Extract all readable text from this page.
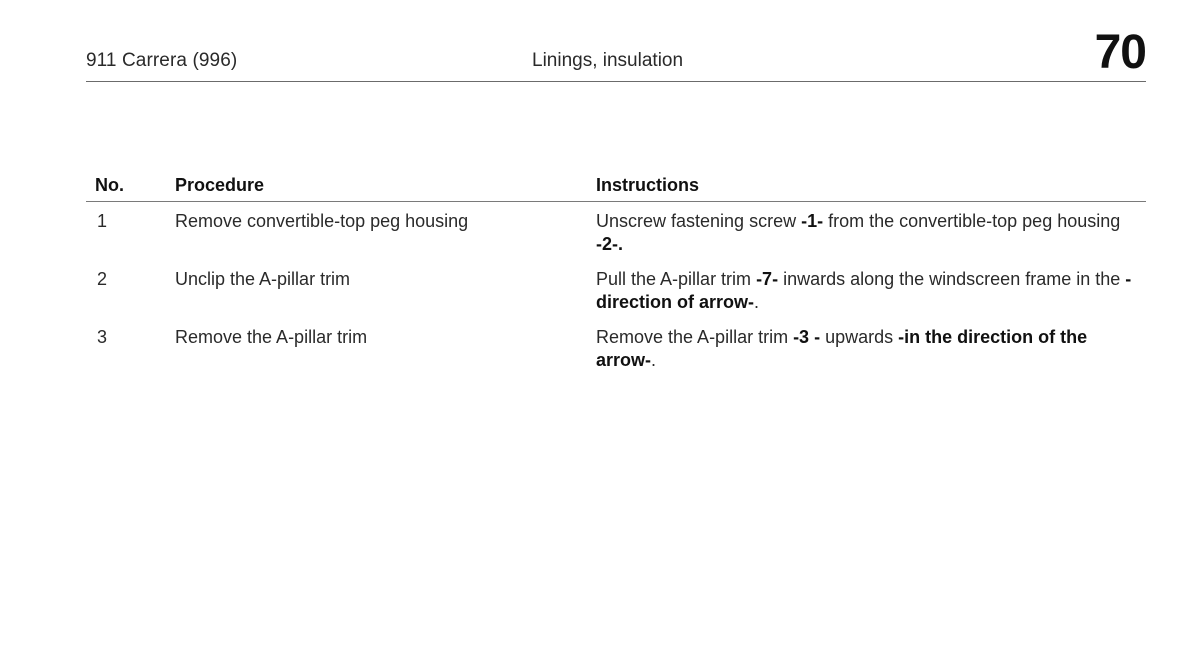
911 Carrera (996)	Linings, insulation	70
No.	Procedure	Instructions
1	Remove convertible-top peg housing	Unscrew fastening screw -1- from the convertible-top peg housing -2-.
2	Unclip the A-pillar trim	Pull the A-pillar trim -7- inwards along the windscreen frame in the -direction of arrow-.
3	Remove the A-pillar trim	Remove the A-pillar trim -3 - upwards -in the direction of the arrow-.
